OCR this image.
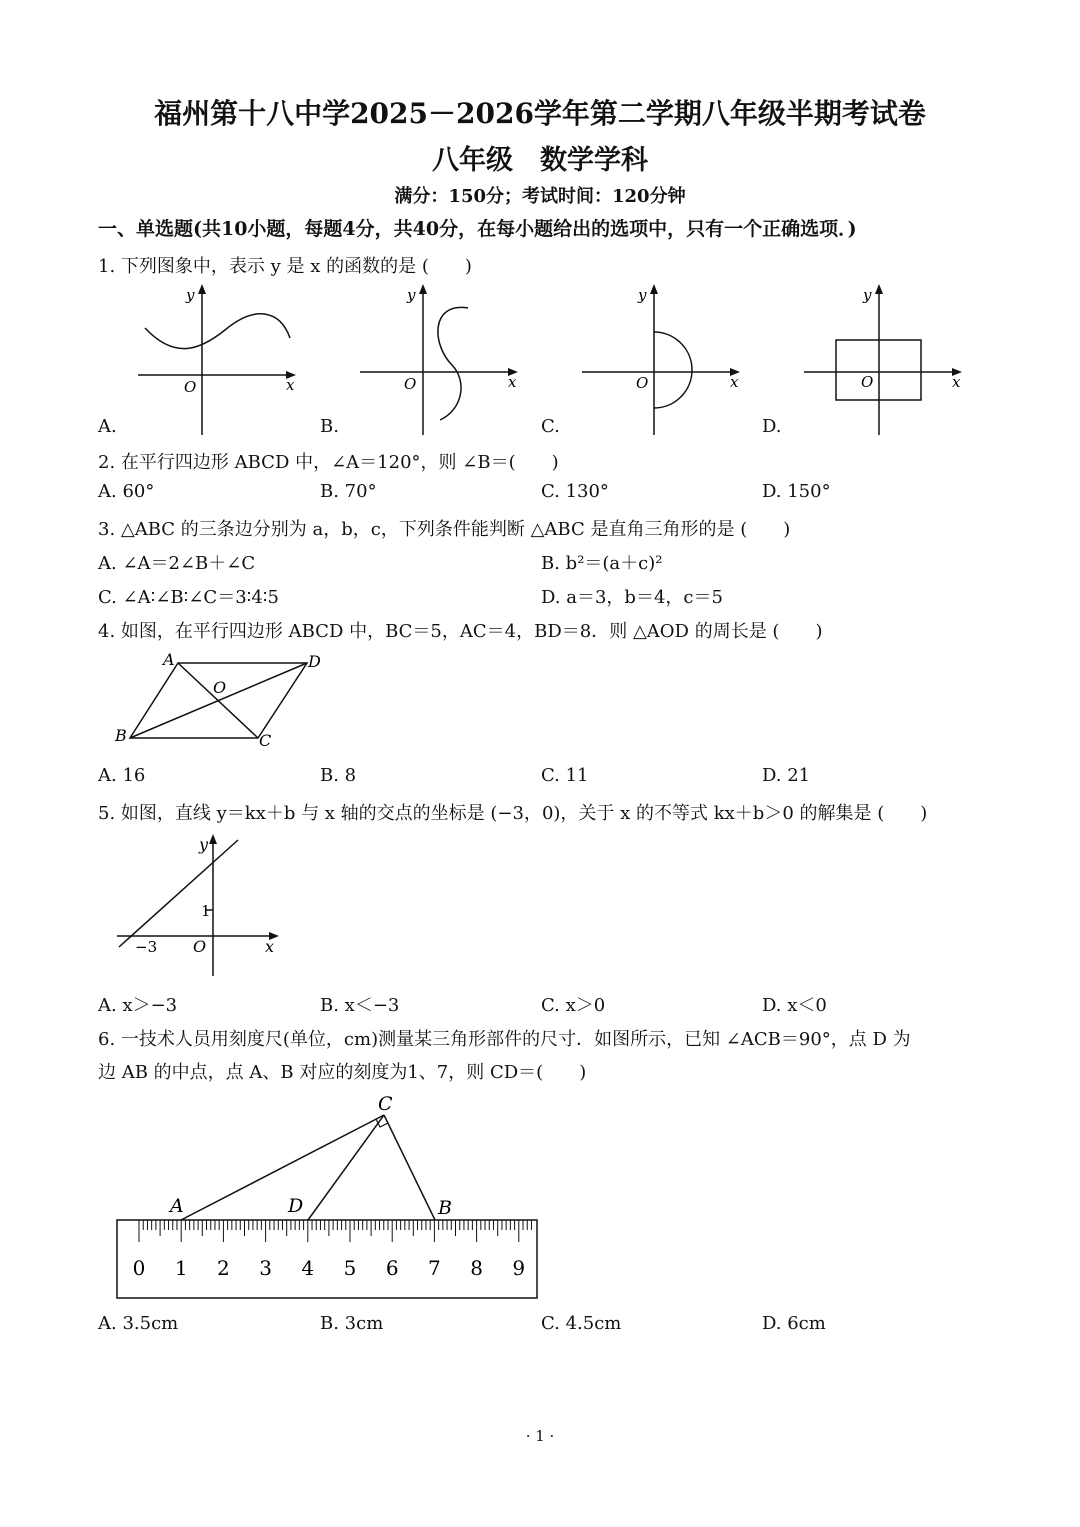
福州第十八中学2025－2026学年第二学期八年级半期考试卷
八年级　数学学科
满分：150分；考试时间：120分钟
一、单选题(共10小题，每题4分，共40分，在每小题给出的选项中，只有一个正确选项．)
1. 下列图象中，表示 y 是 x 的函数的是 (　　)
y
x
O
y
x
O
y
x
O
y
x
O
A.	B.	C.	D.
2. 在平行四边形 ABCD 中，∠A＝120°，则 ∠B＝(　　)
A. 60°	B. 70°	C. 130°	D. 150°
3. △ABC 的三条边分别为 a，b，c，下列条件能判断 △ABC 是直角三角形的是 (　　)
A. ∠A＝2∠B＋∠C	B. b²＝(a＋c)²
C. ∠A∶∠B∶∠C＝3∶4∶5	D. a＝3，b＝4，c＝5
4. 如图，在平行四边形 ABCD 中，BC＝5，AC＝4，BD＝8．则 △AOD 的周长是 (　　)
A	D
O
B	C
A. 16	B. 8	C. 11	D. 21
5. 如图，直线 y＝kx＋b 与 x 轴的交点的坐标是 (−3，0)，关于 x 的不等式 kx＋b＞0 的解集是 (　　)
y
x
O
1
−3
A. x＞−3	B. x＜−3	C. x＞0	D. x＜0
6. 一技术人员用刻度尺(单位，cm)测量某三角形部件的尺寸．如图所示，已知 ∠ACB＝90°，点 D 为
边 AB 的中点，点 A、B 对应的刻度为1、7，则 CD＝(　　)
0 1 2 3 4 5 6 7 8 9
C
A	D	B
A. 3.5cm	B. 3cm	C. 4.5cm	D. 6cm
· 1 ·
